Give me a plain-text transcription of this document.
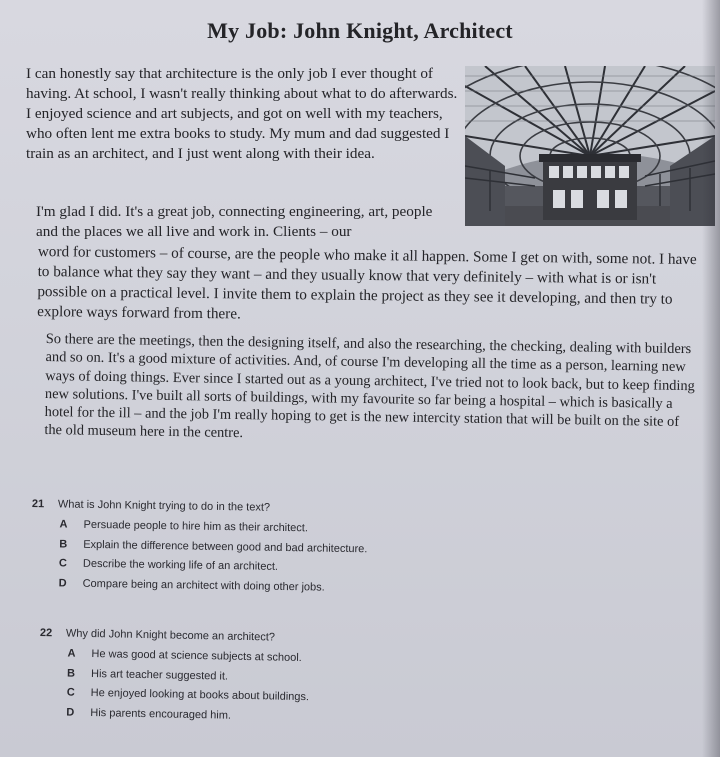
My Job: John Knight, Architect

I can honestly say that architecture is the only job I ever thought of having. At school, I wasn't really thinking about what to do afterwards. I enjoyed science and art subjects, and got on well with my teachers, who often lent me extra books to study. My mum and dad suggested I train as an architect, and I just went along with their idea.

I'm glad I did. It's a great job, connecting engineering, art, people and the places we all live and work in. Clients – our

word for customers – of course, are the people who make it all happen. Some I get on with, some not. I have to balance what they say they want – and they usually know that very definitely – with what is or isn't possible on a practical level. I invite them to explain the project as they see it developing, and then try to explore ways forward from there.

So there are the meetings, then the designing itself, and also the researching, the checking, dealing with builders and so on. It's a good mixture of activities. And, of course I'm developing all the time as a person, learning new ways of doing things. Ever since I started out as a young architect, I've tried not to look back, but to keep finding new solutions. I've built all sorts of buildings, with my favourite so far being a hospital – which is basically a hotel for the ill – and the job I'm really hoping to get is the new intercity station that will be built on the site of the old museum here in the centre.

21	What is John Knight trying to do in the text?
A	Persuade people to hire him as their architect.
B	Explain the difference between good and bad architecture.
C	Describe the working life of an architect.
D	Compare being an architect with doing other jobs.
22	Why did John Knight become an architect?
A	He was good at science subjects at school.
B	His art teacher suggested it.
C	He enjoyed looking at books about buildings.
D	His parents encouraged him.
